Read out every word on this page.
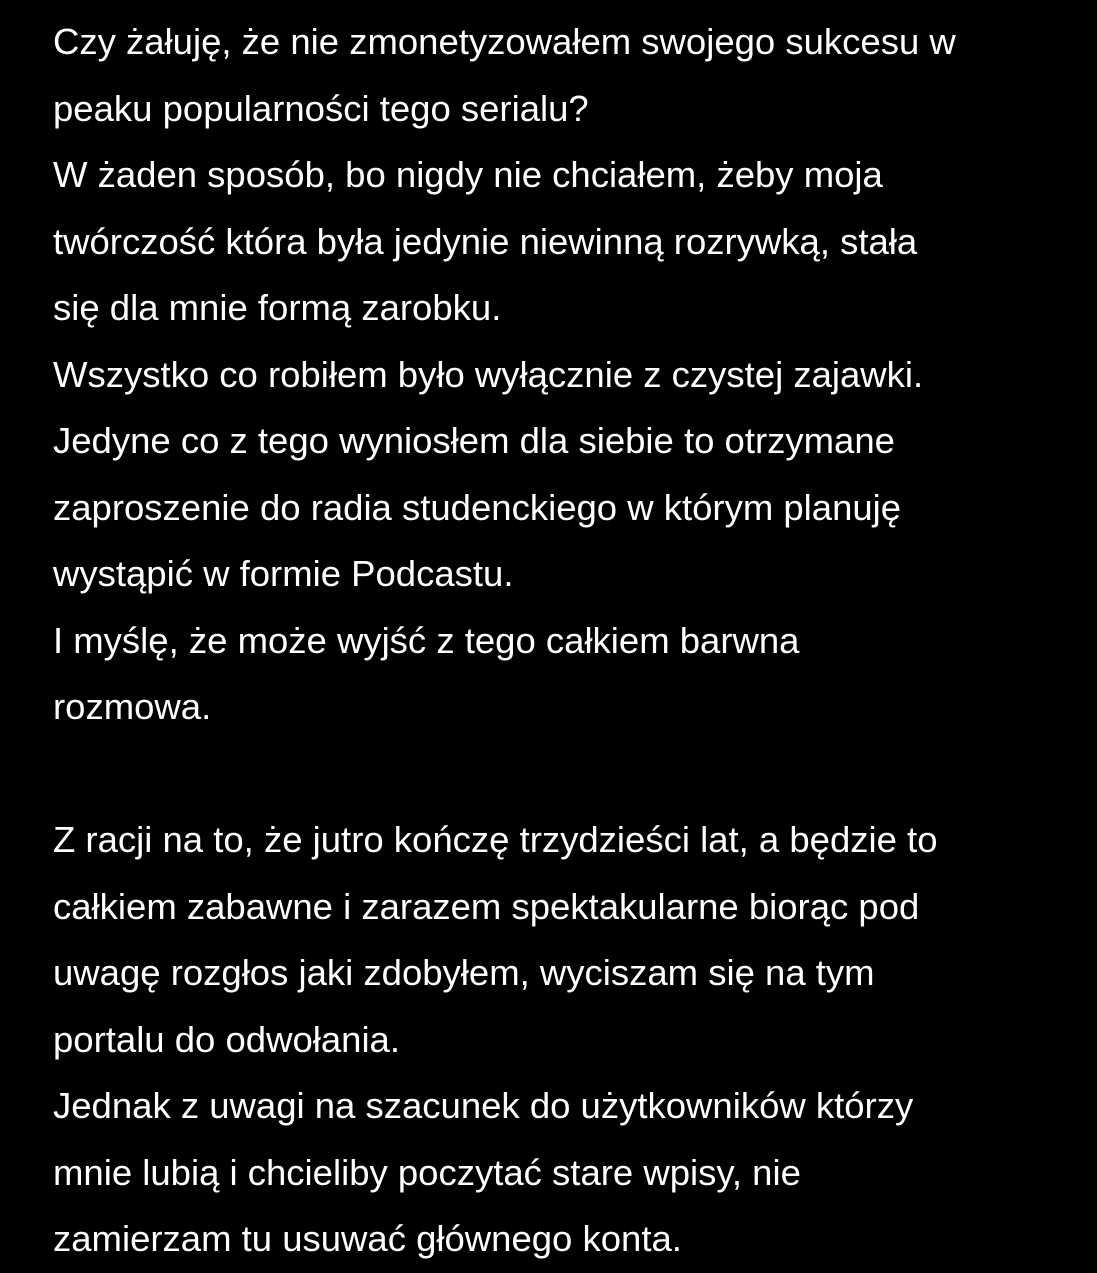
Czy żałuję, że nie zmonetyzowałem swojego sukcesu w
peaku popularności tego serialu?
W żaden sposób, bo nigdy nie chciałem, żeby moja
twórczość która była jedynie niewinną rozrywką, stała
się dla mnie formą zarobku.
Wszystko co robiłem było wyłącznie z czystej zajawki.
Jedyne co z tego wyniosłem dla siebie to otrzymane
zaproszenie do radia studenckiego w którym planuję
wystąpić w formie Podcastu.
I myślę, że może wyjść z tego całkiem barwna
rozmowa.
Z racji na to, że jutro kończę trzydzieści lat, a będzie to
całkiem zabawne i zarazem spektakularne biorąc pod
uwagę rozgłos jaki zdobyłem, wyciszam się na tym
portalu do odwołania.
Jednak z uwagi na szacunek do użytkowników którzy
mnie lubią i chcieliby poczytać stare wpisy, nie
zamierzam tu usuwać głównego konta.
